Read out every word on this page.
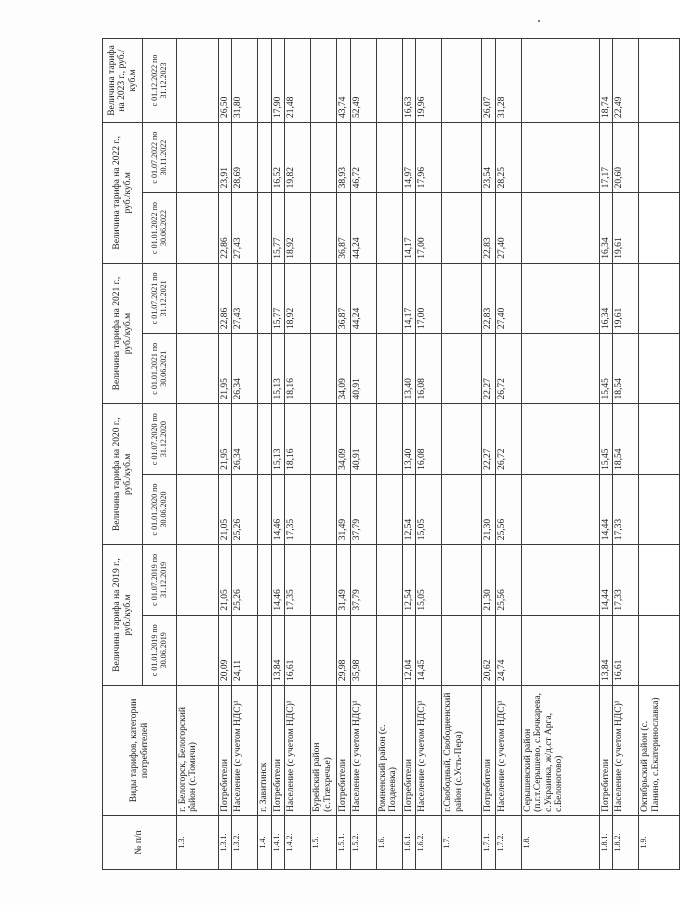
№ п/п	Виды тарифов, категории потребителей	Величина тарифа на 2019 г., руб./куб.м		Величина тарифа на 2020 г., руб./куб.м		Величина тарифа на 2021 г., руб./куб.м		Величина тарифа на 2022 г., руб./куб.м		Величина тарифа на 2023 г., руб./куб.м
		с 01.01.2019 по 30.06.2019	с 01.07.2019 по 31.12.2019	с 01.01.2020 по 30.06.2020	с 01.07.2020 по 31.12.2020	с 01.01.2021 по 30.06.2021	с 01.07.2021 по 31.12.2021	с 01.01.2022 по 30.06.2022	с 01.07.2022 по 30.11.2022	с 01.12.2022 по 31.12.2023
1.3.	г. Белогорск, Белогорский район (с.Томичи)									
1.3.1.	Потребители	20,09	21,05	21,05	21,95	21,95	22,86	22,86	23,91	26,50
1.3.2.	Население (с учетом НДС)¹	24,11	25,26	25,26	26,34	26,34	27,43	27,43	28,69	31,80
1.4.	г. Завитинск									
1.4.1.	Потребители	13,84	14,46	14,46	15,13	15,13	15,77	15,77	16,52	17,90
1.4.2.	Население (с учетом НДС)¹	16,61	17,35	17,35	18,16	18,16	18,92	18,92	19,82	21,48
1.5.	Бурейский район (с.Træхречье)									
1.5.1.	Потребители	29,98	31,49	31,49	34,09	34,09	36,87	36,87	38,93	43,74
1.5.2.	Население (с учетом НДС)¹	35,98	37,79	37,79	40,91	40,91	44,24	44,24	46,72	52,49
1.6.	Ромненский район (с. Поздеевка)									
1.6.1.	Потребители	12,04	12,54	12,54	13,40	13,40	14,17	14,17	14,97	16,63
1.6.2.	Население (с учетом НДС)¹	14,45	15,05	15,05	16,08	16,08	17,00	17,00	17,96	19,96
1.7.	г.Свободный, Свободненский район (с.Усть-Пера)									
1.7.1.	Потребители	20,62	21,30	21,30	22,27	22,27	22,83	22,83	23,54	26,07
1.7.2.	Население (с учетом НДС)¹	24,74	25,56	25,56	26,72	26,72	27,40	27,40	28,25	31,28
1.8.	Серышевский район (п.г.т.Серышево, с.Бочкарева, с.Украинка, ж/д.ст Арга, с.Белоногово)									
1.8.1.	Потребители	13,84	14,44	14,44	15,45	15,45	16,34	16,34	17,17	18,74
1.8.2.	Население (с учетом НДС)¹	16,61	17,33	17,33	18,54	18,54	19,61	19,61	20,60	22,49
1.9.	Октябрьский район (с. Панино, с.Екатеринославка)									
